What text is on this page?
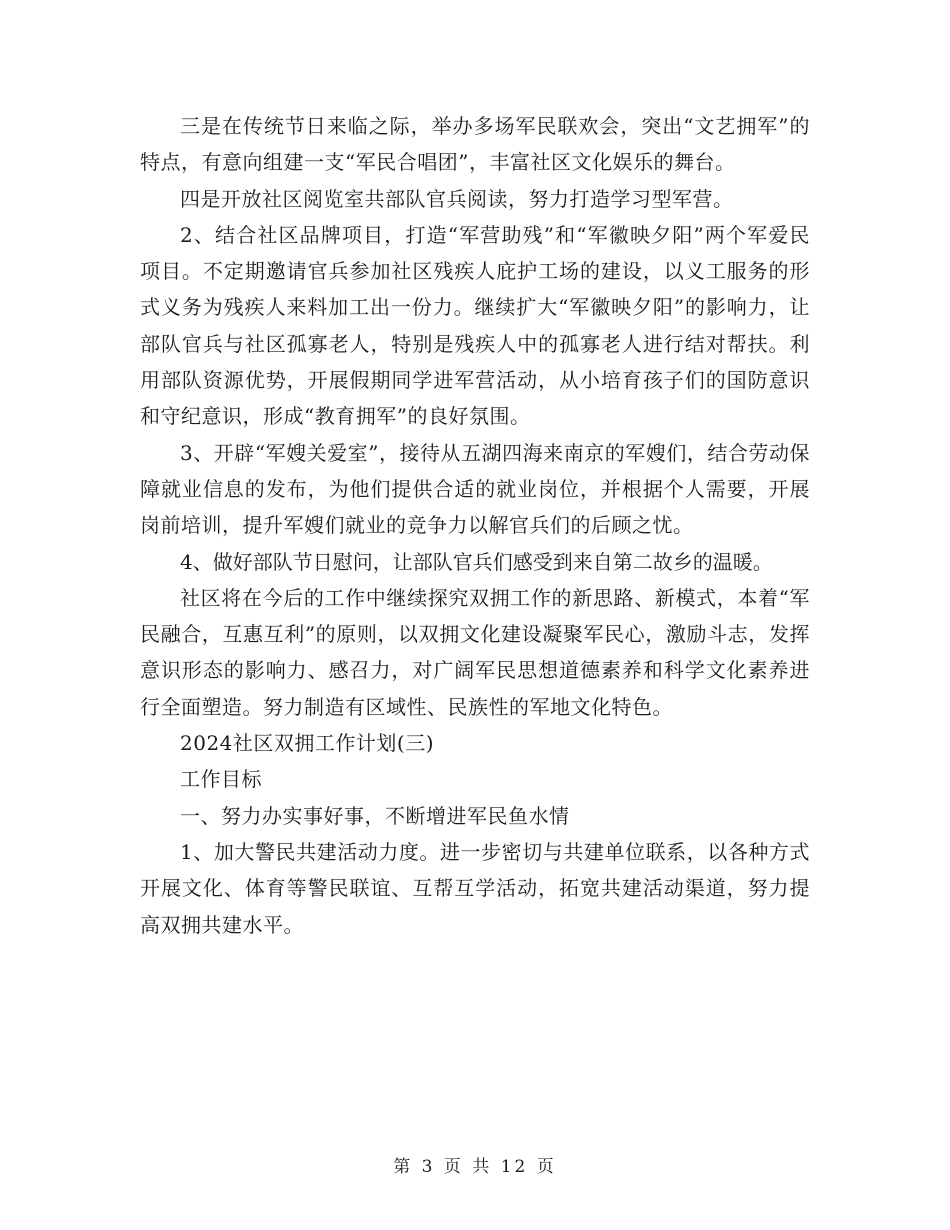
三是在传统节日来临之际，举办多场军民联欢会，突出“文艺拥军”的特点，有意向组建一支“军民合唱团”，丰富社区文化娱乐的舞台。

四是开放社区阅览室共部队官兵阅读，努力打造学习型军营。

2、结合社区品牌项目，打造“军营助残”和“军徽映夕阳”两个军爱民项目。不定期邀请官兵参加社区残疾人庇护工场的建设，以义工服务的形式义务为残疾人来料加工出一份力。继续扩大“军徽映夕阳”的影响力，让部队官兵与社区孤寡老人，特别是残疾人中的孤寡老人进行结对帮扶。利用部队资源优势，开展假期同学进军营活动，从小培育孩子们的国防意识和守纪意识，形成“教育拥军”的良好氛围。

3、开辟“军嫂关爱室”，接待从五湖四海来南京的军嫂们，结合劳动保障就业信息的发布，为他们提供合适的就业岗位，并根据个人需要，开展岗前培训，提升军嫂们就业的竞争力以解官兵们的后顾之忧。

4、做好部队节日慰问，让部队官兵们感受到来自第二故乡的温暖。

社区将在今后的工作中继续探究双拥工作的新思路、新模式，本着“军民融合，互惠互利”的原则，以双拥文化建设凝聚军民心，激励斗志，发挥意识形态的影响力、感召力，对广阔军民思想道德素养和科学文化素养进行全面塑造。努力制造有区域性、民族性的军地文化特色。

2024社区双拥工作计划(三)

工作目标

一、努力办实事好事，不断增进军民鱼水情

1、加大警民共建活动力度。进一步密切与共建单位联系，以各种方式开展文化、体育等警民联谊、互帮互学活动，拓宽共建活动渠道，努力提高双拥共建水平。

第 3 页 共 12 页
